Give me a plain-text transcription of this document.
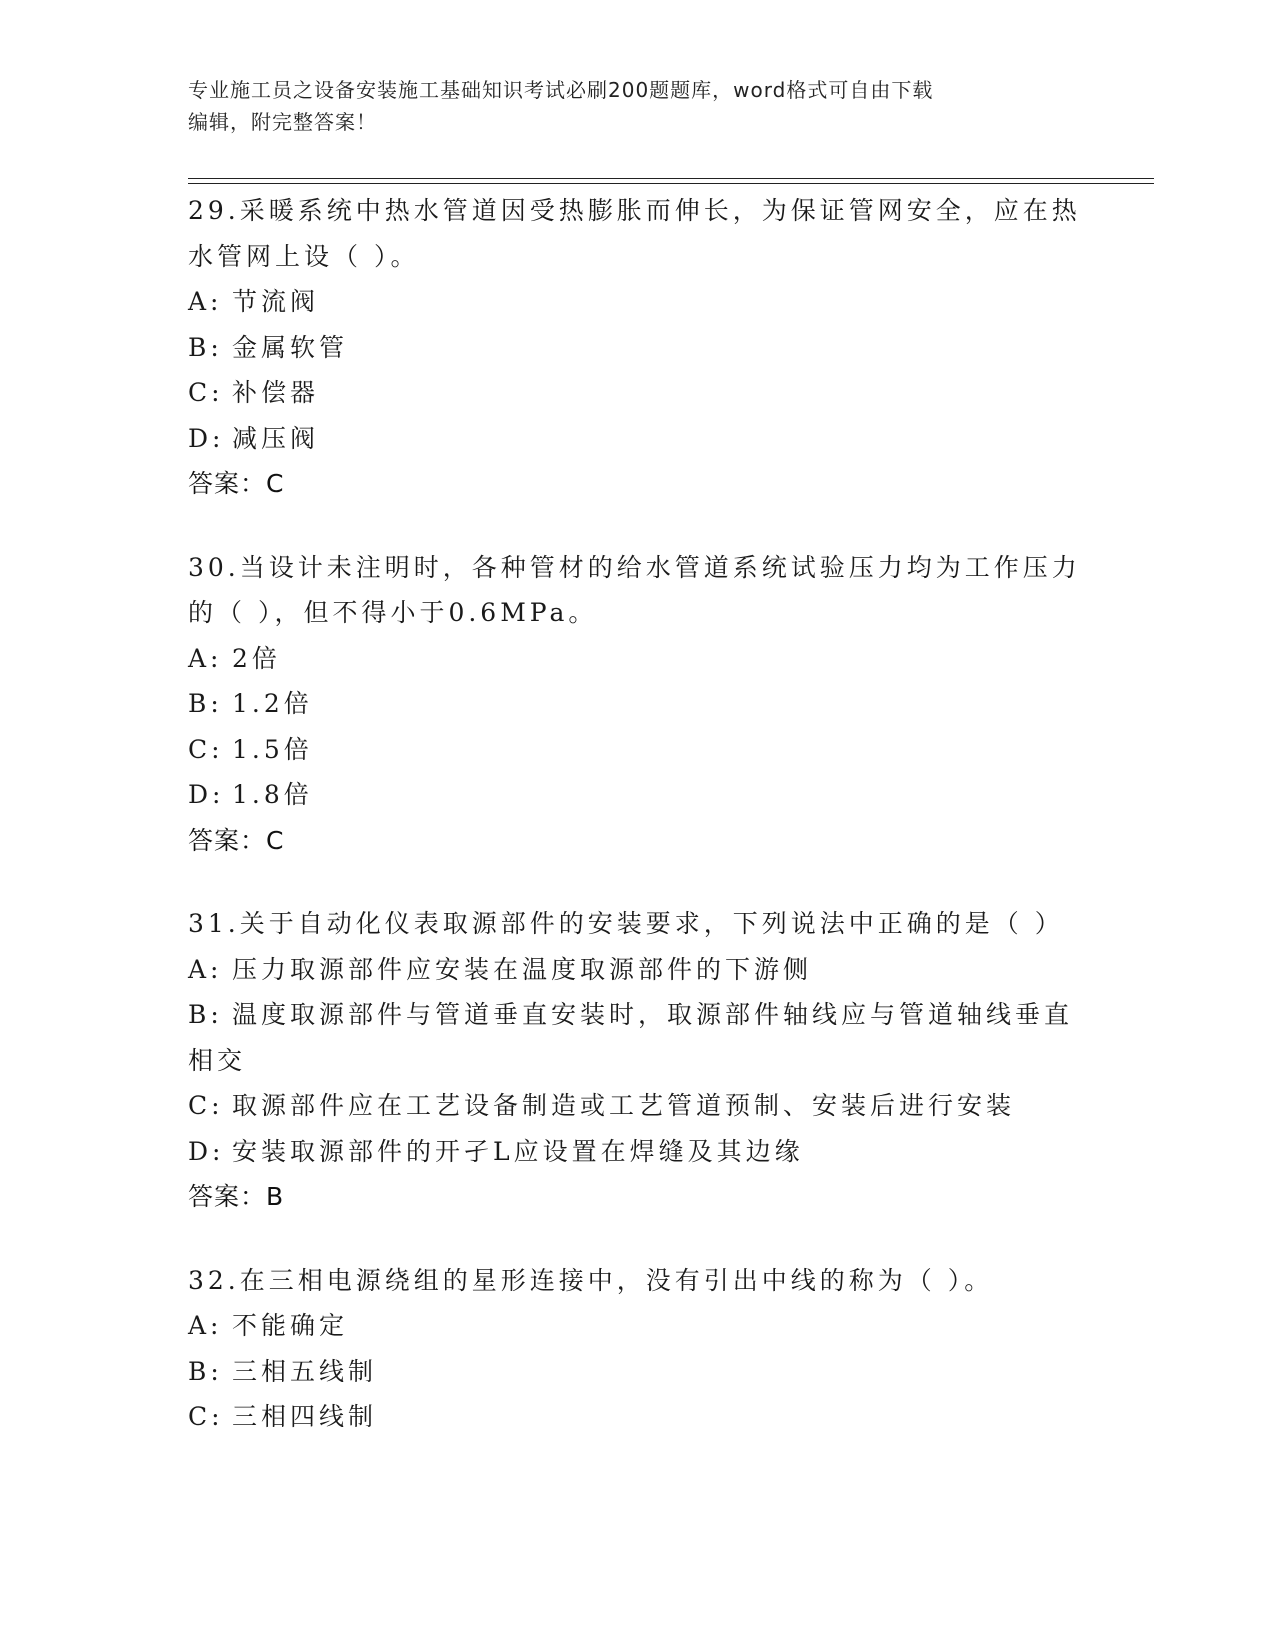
专业施工员之设备安装施工基础知识考试必刷200题题库，word格式可自由下载
编辑，附完整答案！
29.采暖系统中热水管道因受热膨胀而伸长，为保证管网安全，应在热
水管网上设（ ）。
A: 节流阀
B: 金属软管
C: 补偿器
D: 减压阀
答案：C
30.当设计未注明时，各种管材的给水管道系统试验压力均为工作压力
的（ ），但不得小于0.6MPa。
A: 2倍
B: 1.2倍
C: 1.5倍
D: 1.8倍
答案：C
31.关于自动化仪表取源部件的安装要求，下列说法中正确的是（ ）
A: 压力取源部件应安装在温度取源部件的下游侧
B: 温度取源部件与管道垂直安装时，取源部件轴线应与管道轴线垂直
相交
C: 取源部件应在工艺设备制造或工艺管道预制、安装后进行安装
D: 安装取源部件的开孑L应设置在焊缝及其边缘
答案：B
32.在三相电源绕组的星形连接中，没有引出中线的称为（ ）。
A: 不能确定
B: 三相五线制
C: 三相四线制
